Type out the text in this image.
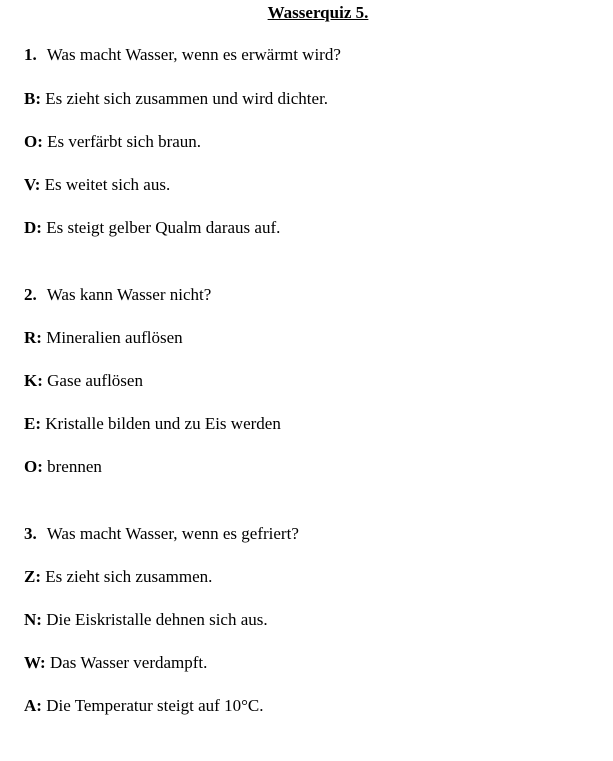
Wasserquiz 5.
1. Was macht Wasser, wenn es erwärmt wird?
B: Es zieht sich zusammen und wird dichter.
O: Es verfärbt sich braun.
V: Es weitet sich aus.
D: Es steigt gelber Qualm daraus auf.
2. Was kann Wasser nicht?
R: Mineralien auflösen
K: Gase auflösen
E: Kristalle bilden und zu Eis werden
O: brennen
3. Was macht Wasser, wenn es gefriert?
Z: Es zieht sich zusammen.
N: Die Eiskristalle dehnen sich aus.
W: Das Wasser verdampft.
A: Die Temperatur steigt auf 10°C.
